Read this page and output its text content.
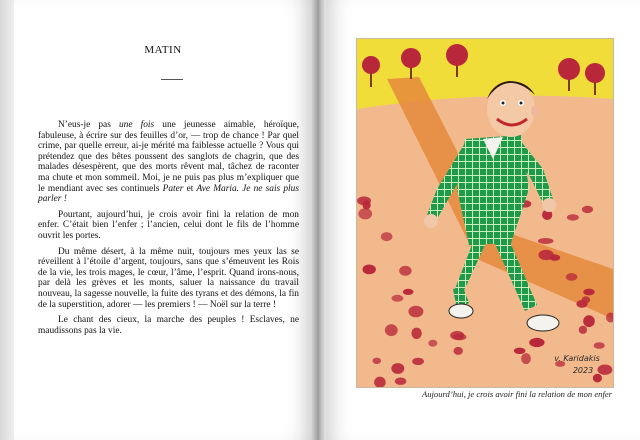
MATIN

N’eus-je pas une fois une jeunesse aimable, héroïque, fabuleuse, à écrire sur des feuilles d’or, — trop de chance ! Par quel crime, par quelle erreur, ai-je mérité ma faiblesse actuelle ? Vous qui prétendez que des bêtes poussent des sanglots de chagrin, que des malades désespèrent, que des morts rêvent mal, tâchez de raconter ma chute et mon sommeil. Moi, je ne puis pas plus m’expliquer que le mendiant avec ses continuels Pater et Ave Maria. Je ne sais plus parler !

Pourtant, aujourd’hui, je crois avoir fini la relation de mon enfer. C’était bien l’enfer ; l’ancien, celui dont le fils de l’homme ouvrit les portes.

Du même désert, à la même nuit, toujours mes yeux las se réveillent à l’étoile d’argent, toujours, sans que s’émeuvent les Rois de la vie, les trois mages, le cœur, l’âme, l’esprit. Quand irons-nous, par delà les grèves et les monts, saluer la naissance du travail nouveau, la sagesse nouvelle, la fuite des tyrans et des démons, la fin de la superstition, adorer — les premiers ! — Noël sur la terre !

Le chant des cieux, la marche des peuples ! Esclaves, ne maudissons pas la vie.

v. Karidakis
2023
Aujourd’hui, je crois avoir fini la relation de mon enfer
